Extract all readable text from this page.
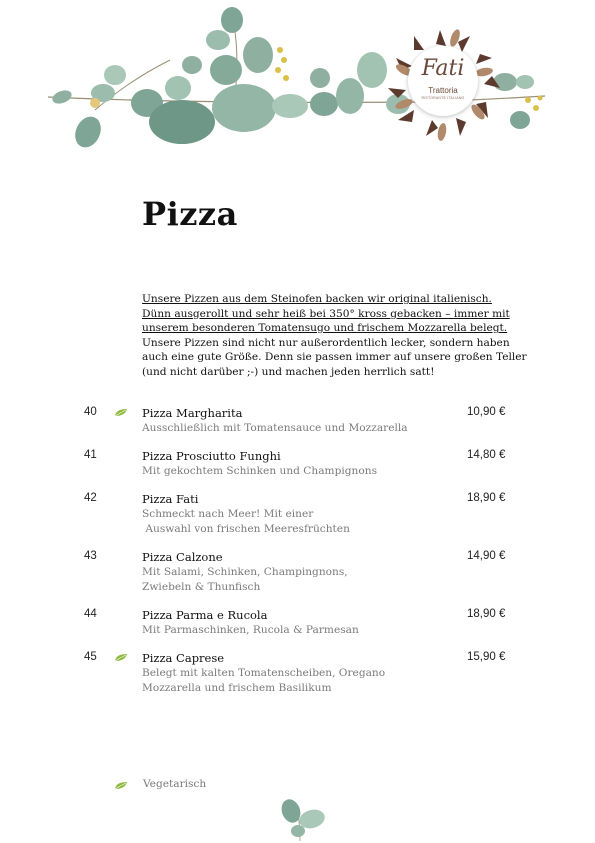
Fati
Trattoria
RISTORANTE ITALIANO
Pizza
Unsere Pizzen aus dem Steinofen backen wir original italienisch.
Dünn ausgerollt und sehr heiß bei 350° kross gebacken – immer mit
unserem besonderen Tomatensugo und frischem Mozzarella belegt.
Unsere Pizzen sind nicht nur außerordentlich lecker, sondern haben
auch eine gute Größe. Denn sie passen immer auf unsere großen Teller
(und nicht darüber ;-) und machen jeden herrlich satt!
40	Pizza Margharita
Ausschließlich mit Tomatensauce und Mozzarella
10,90 €
41	Pizza Prosciutto Funghi
Mit gekochtem Schinken und Champignons
14,80 €
42	Pizza Fati
Schmeckt nach Meer! Mit einer
Auswahl von frischen Meeresfrüchten
18,90 €
43	Pizza Calzone
Mit Salami, Schinken, Champingnons,
Zwiebeln & Thunfisch
14,90 €
44	Pizza Parma e Rucola
Mit Parmaschinken, Rucola & Parmesan
18,90 €
45	Pizza Caprese
Belegt mit kalten Tomatenscheiben, Oregano
Mozzarella und frischem Basilikum
15,90 €
Vegetarisch
